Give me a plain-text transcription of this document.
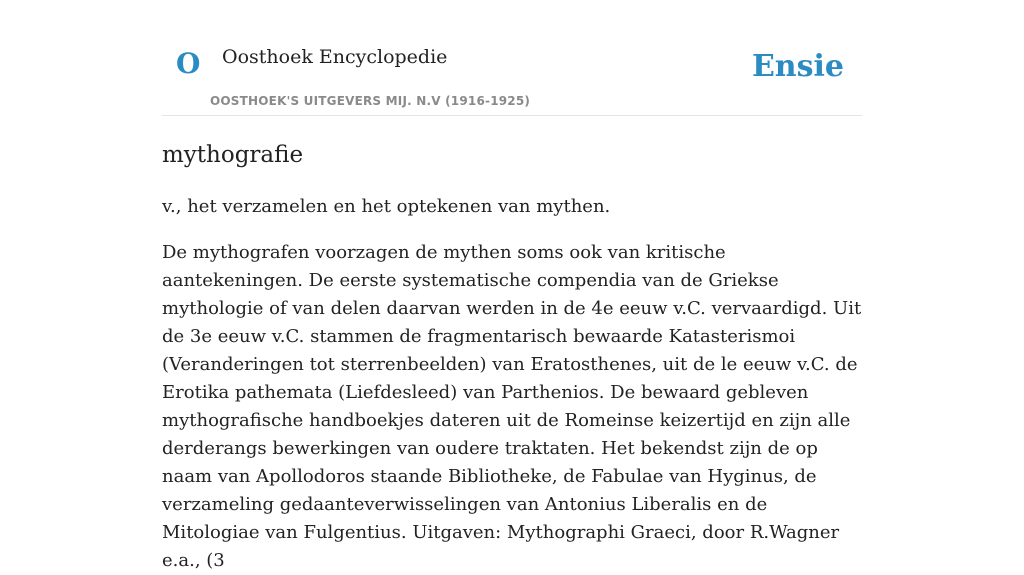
O Oosthoek Encyclopedie
OOSTHOEK'S UITGEVERS MIJ. N.V (1916-1925)
Ensie
mythografie

v., het verzamelen en het optekenen van mythen.

De mythografen voorzagen de mythen soms ook van kritische aantekeningen. De eerste systematische compendia van de Griekse mythologie of van delen daarvan werden in de 4e eeuw v.C. vervaardigd. Uit de 3e eeuw v.C. stammen de fragmentarisch bewaarde Katasterismoi (Veranderingen tot sterrenbeelden) van Eratosthenes, uit de le eeuw v.C. de Erotika pathemata (Liefdesleed) van Parthenios. De bewaard gebleven mythografische handboekjes dateren uit de Romeinse keizertijd en zijn alle derderangs bewerkingen van oudere traktaten. Het bekendst zijn de op naam van Apollodoros staande Bibliotheke, de Fabulae van Hyginus, de verzameling gedaanteverwisselingen van Antonius Liberalis en de Mitologiae van Fulgentius. Uitgaven: Mythographi Graeci, door R.Wagner e.a., (3
